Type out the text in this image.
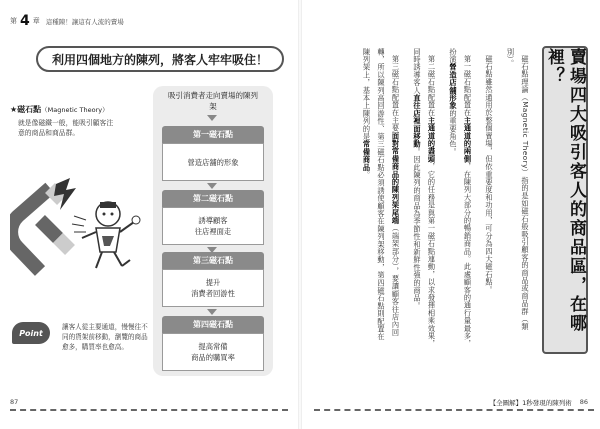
第 4 章 這種陳！讓這有人流的賣場
利用四個地方的陳列，將客人牢牢吸住！
★磁石點（Magnetic Theory）
就是像磁鐵一般，能吸引顧客注意的商品和商品群。
吸引消費者走向賣場的陳列架
第一磁石點
營造店舖的形象
第二磁石點
誘導顧客
往店裡面走
第三磁石點
提升
消費者回游性
第四磁石點
提高常備
商品的購買率
Point
讓客人從主要通道，慢慢往不同的貨架前移動，瀏覽的商品愈多，購買率也愈高。
87

磁石點理論（Magnetic Theory）指的是如磁石般吸引顧客的商品或商品群（類別）。

磁石點雖然通用於整個賣場，但依重要度和功用，可分為四大磁石點。

第一磁石點配置在主通道的兩側，在陳列大部分的暢銷商品。此處顧客的通行量最多，扮演營造店舖形象的重要角色。

第二磁石點配置在主通道的盡頭，它的任務是與第一磁石點連動，以求發揮相乘效果，同時誘導客人直往店裡面移動。因此陳列的商品為季節性和新鮮性強的商品。

第三磁石點配置在主要面對常備商品的陳列架尾端（端架部分），要讓顧客往店內回轉，所以陳列高回游性、第三磁石點必須誘使顧客在陳列架移動，第四磁石點則配置在陳列架上，基本上陳列的是常備商品。	賣場四大吸引客人的商品區，在哪裡？
【全圖解】1秒發現的陳列術 86
